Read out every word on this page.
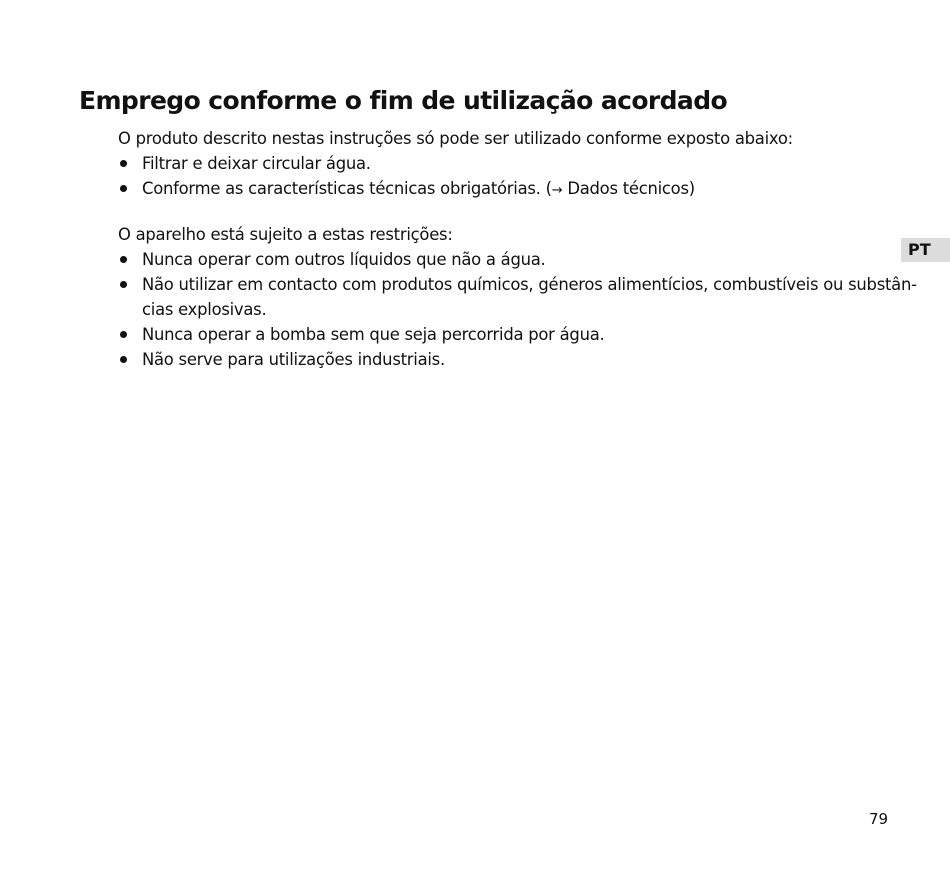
Emprego conforme o fim de utilização acordado

O produto descrito nestas instruções só pode ser utilizado conforme exposto abaixo:

Filtrar e deixar circular água.
Conforme as características técnicas obrigatórias. (→ Dados técnicos)

O aparelho está sujeito a estas restrições:

Nunca operar com outros líquidos que não a água.
Não utilizar em contacto com produtos químicos, géneros alimentícios, combustíveis ou substân-
cias explosivas.
Nunca operar a bomba sem que seja percorrida por água.
Não serve para utilizações industriais.
PT
79
